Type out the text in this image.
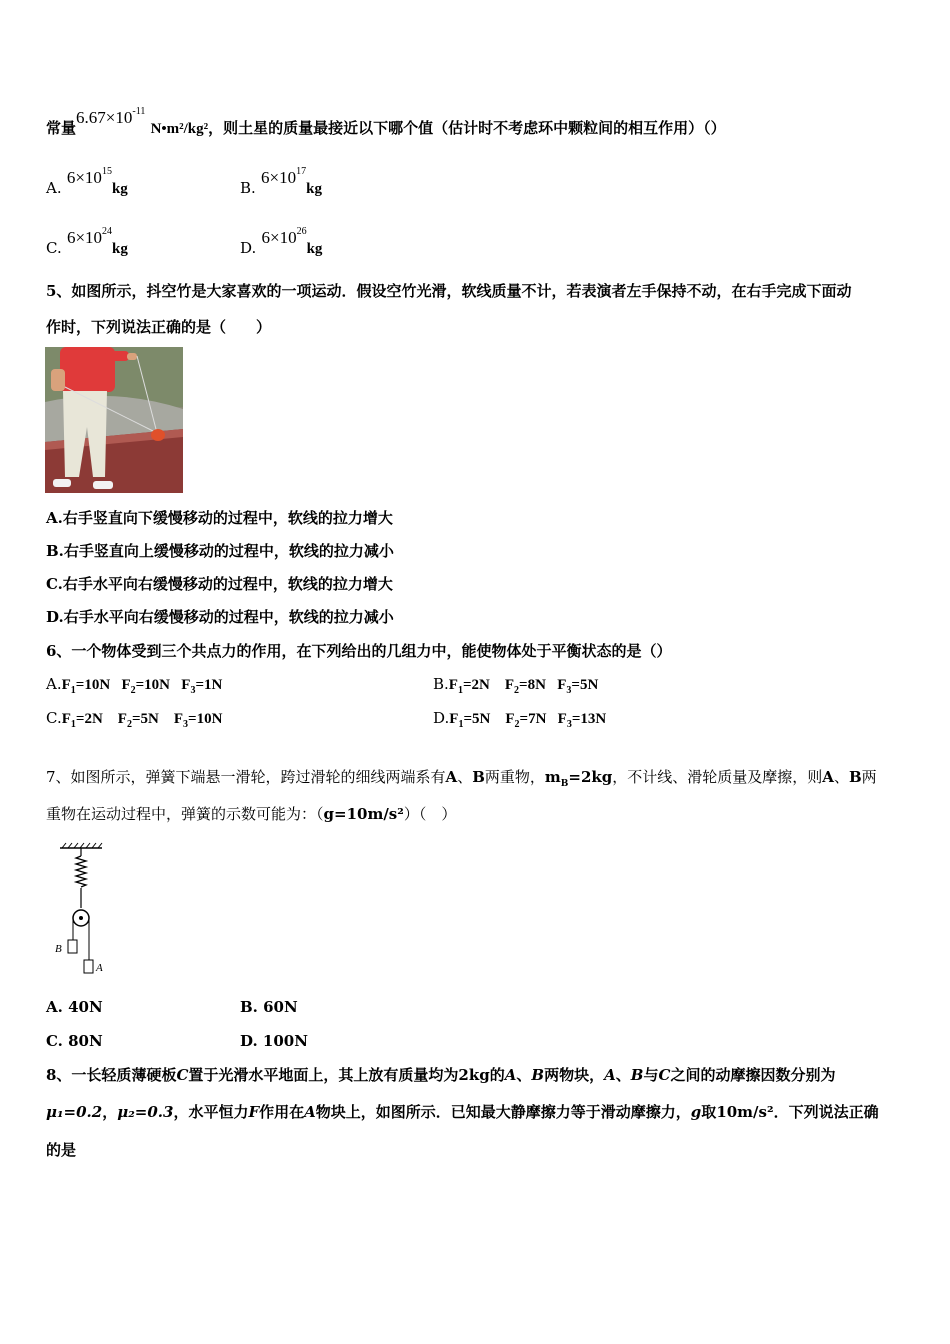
常量$6.67\times 10^{-11}$ N•m²/kg²，则土星的质量最接近以下哪个值（估计时不考虑环中颗粒间的相互作用）（）
A. $6\times 10^{15}kg$	B. $6\times 10^{17}kg$
C. $6\times 10^{24}kg$	D. $6\times 10^{26}kg$
5、如图所示，抖空竹是大家喜欢的一项运动．假设空竹光滑，软线质量不计，若表演者左手保持不动，在右手完成下面动
作时，下列说法正确的是（　　）
A.右手竖直向下缓慢移动的过程中，软线的拉力增大
B.右手竖直向上缓慢移动的过程中，软线的拉力减小
C.右手水平向右缓慢移动的过程中，软线的拉力增大
D.右手水平向右缓慢移动的过程中，软线的拉力减小
6、一个物体受到三个共点力的作用，在下列给出的几组力中，能使物体处于平衡状态的是（）
$A.F_1=10N$   $F_2=10N$   $F_3=1N$	$B.F_1=2N$    $F_2=8N$   $F_3=5N$
$C.F_1=2N$    $F_2=5N$    $F_3=10N$	$D.F_1=5N$    $F_2=7N$   $F_3=13N$
7、如图所示，弹簧下端悬一滑轮，跨过滑轮的细线两端系有A、B两重物，$m_B=2kg$，不计线、滑轮质量及摩擦，则A、B两
重物在运动过程中，弹簧的示数可能为：（g=10m/s²）（　）
B
A
A. 40N	B. 60N
C. 80N	D. 100N
8、一长轻质薄硬板C置于光滑水平地面上，其上放有质量均为2kg的A、B两物块，A、B与C之间的动摩擦因数分别为
μ₁=0.2，μ₂=0.3，水平恒力F作用在A物块上，如图所示．已知最大静摩擦力等于滑动摩擦力，g取10m/s²．下列说法正确
的是
